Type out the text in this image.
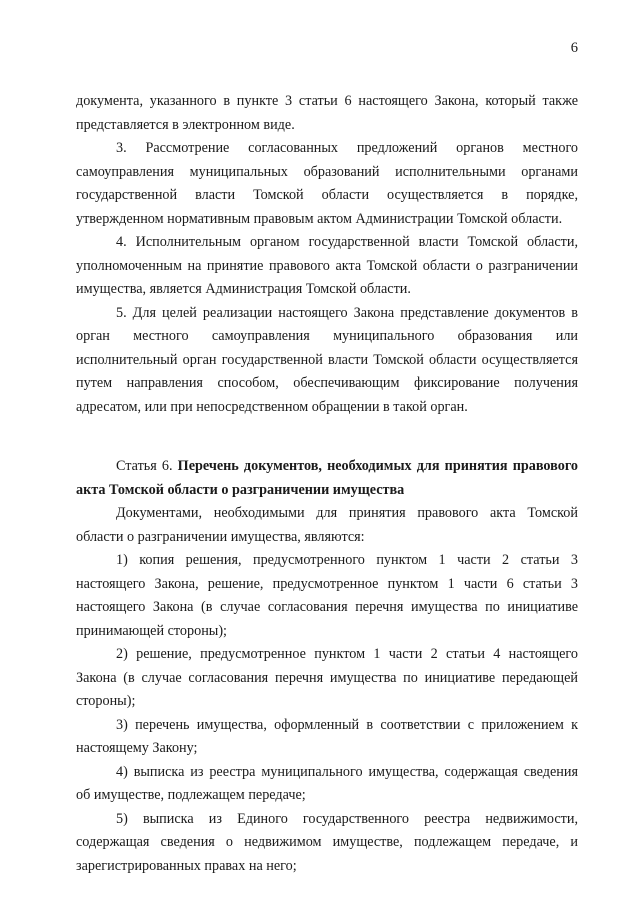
6

документа, указанного в пункте 3 статьи 6 настоящего Закона, который также представляется в электронном виде.

3. Рассмотрение согласованных предложений органов местного самоуправления муниципальных образований исполнительными органами государственной власти Томской области осуществляется в порядке, утвержденном нормативным правовым актом Администрации Томской области.

4. Исполнительным органом государственной власти Томской области, уполномоченным на принятие правового акта Томской области о разграничении имущества, является Администрация Томской области.

5. Для целей реализации настоящего Закона представление документов в орган местного самоуправления муниципального образования или исполнительный орган государственной власти Томской области осуществляется путем направления способом, обеспечивающим фиксирование получения адресатом, или при непосредственном обращении в такой орган.

Статья 6. Перечень документов, необходимых для принятия правового акта Томской области о разграничении имущества

Документами, необходимыми для принятия правового акта Томской области о разграничении имущества, являются:

1) копия решения, предусмотренного пунктом 1 части 2 статьи 3 настоящего Закона, решение, предусмотренное пунктом 1 части 6 статьи 3 настоящего Закона (в случае согласования перечня имущества по инициативе принимающей стороны);

2) решение, предусмотренное пунктом 1 части 2 статьи 4 настоящего Закона (в случае согласования перечня имущества по инициативе передающей стороны);

3) перечень имущества, оформленный в соответствии с приложением к настоящему Закону;

4) выписка из реестра муниципального имущества, содержащая сведения об имуществе, подлежащем передаче;

5) выписка из Единого государственного реестра недвижимости, содержащая сведения о недвижимом имуществе, подлежащем передаче, и зарегистрированных правах на него;
